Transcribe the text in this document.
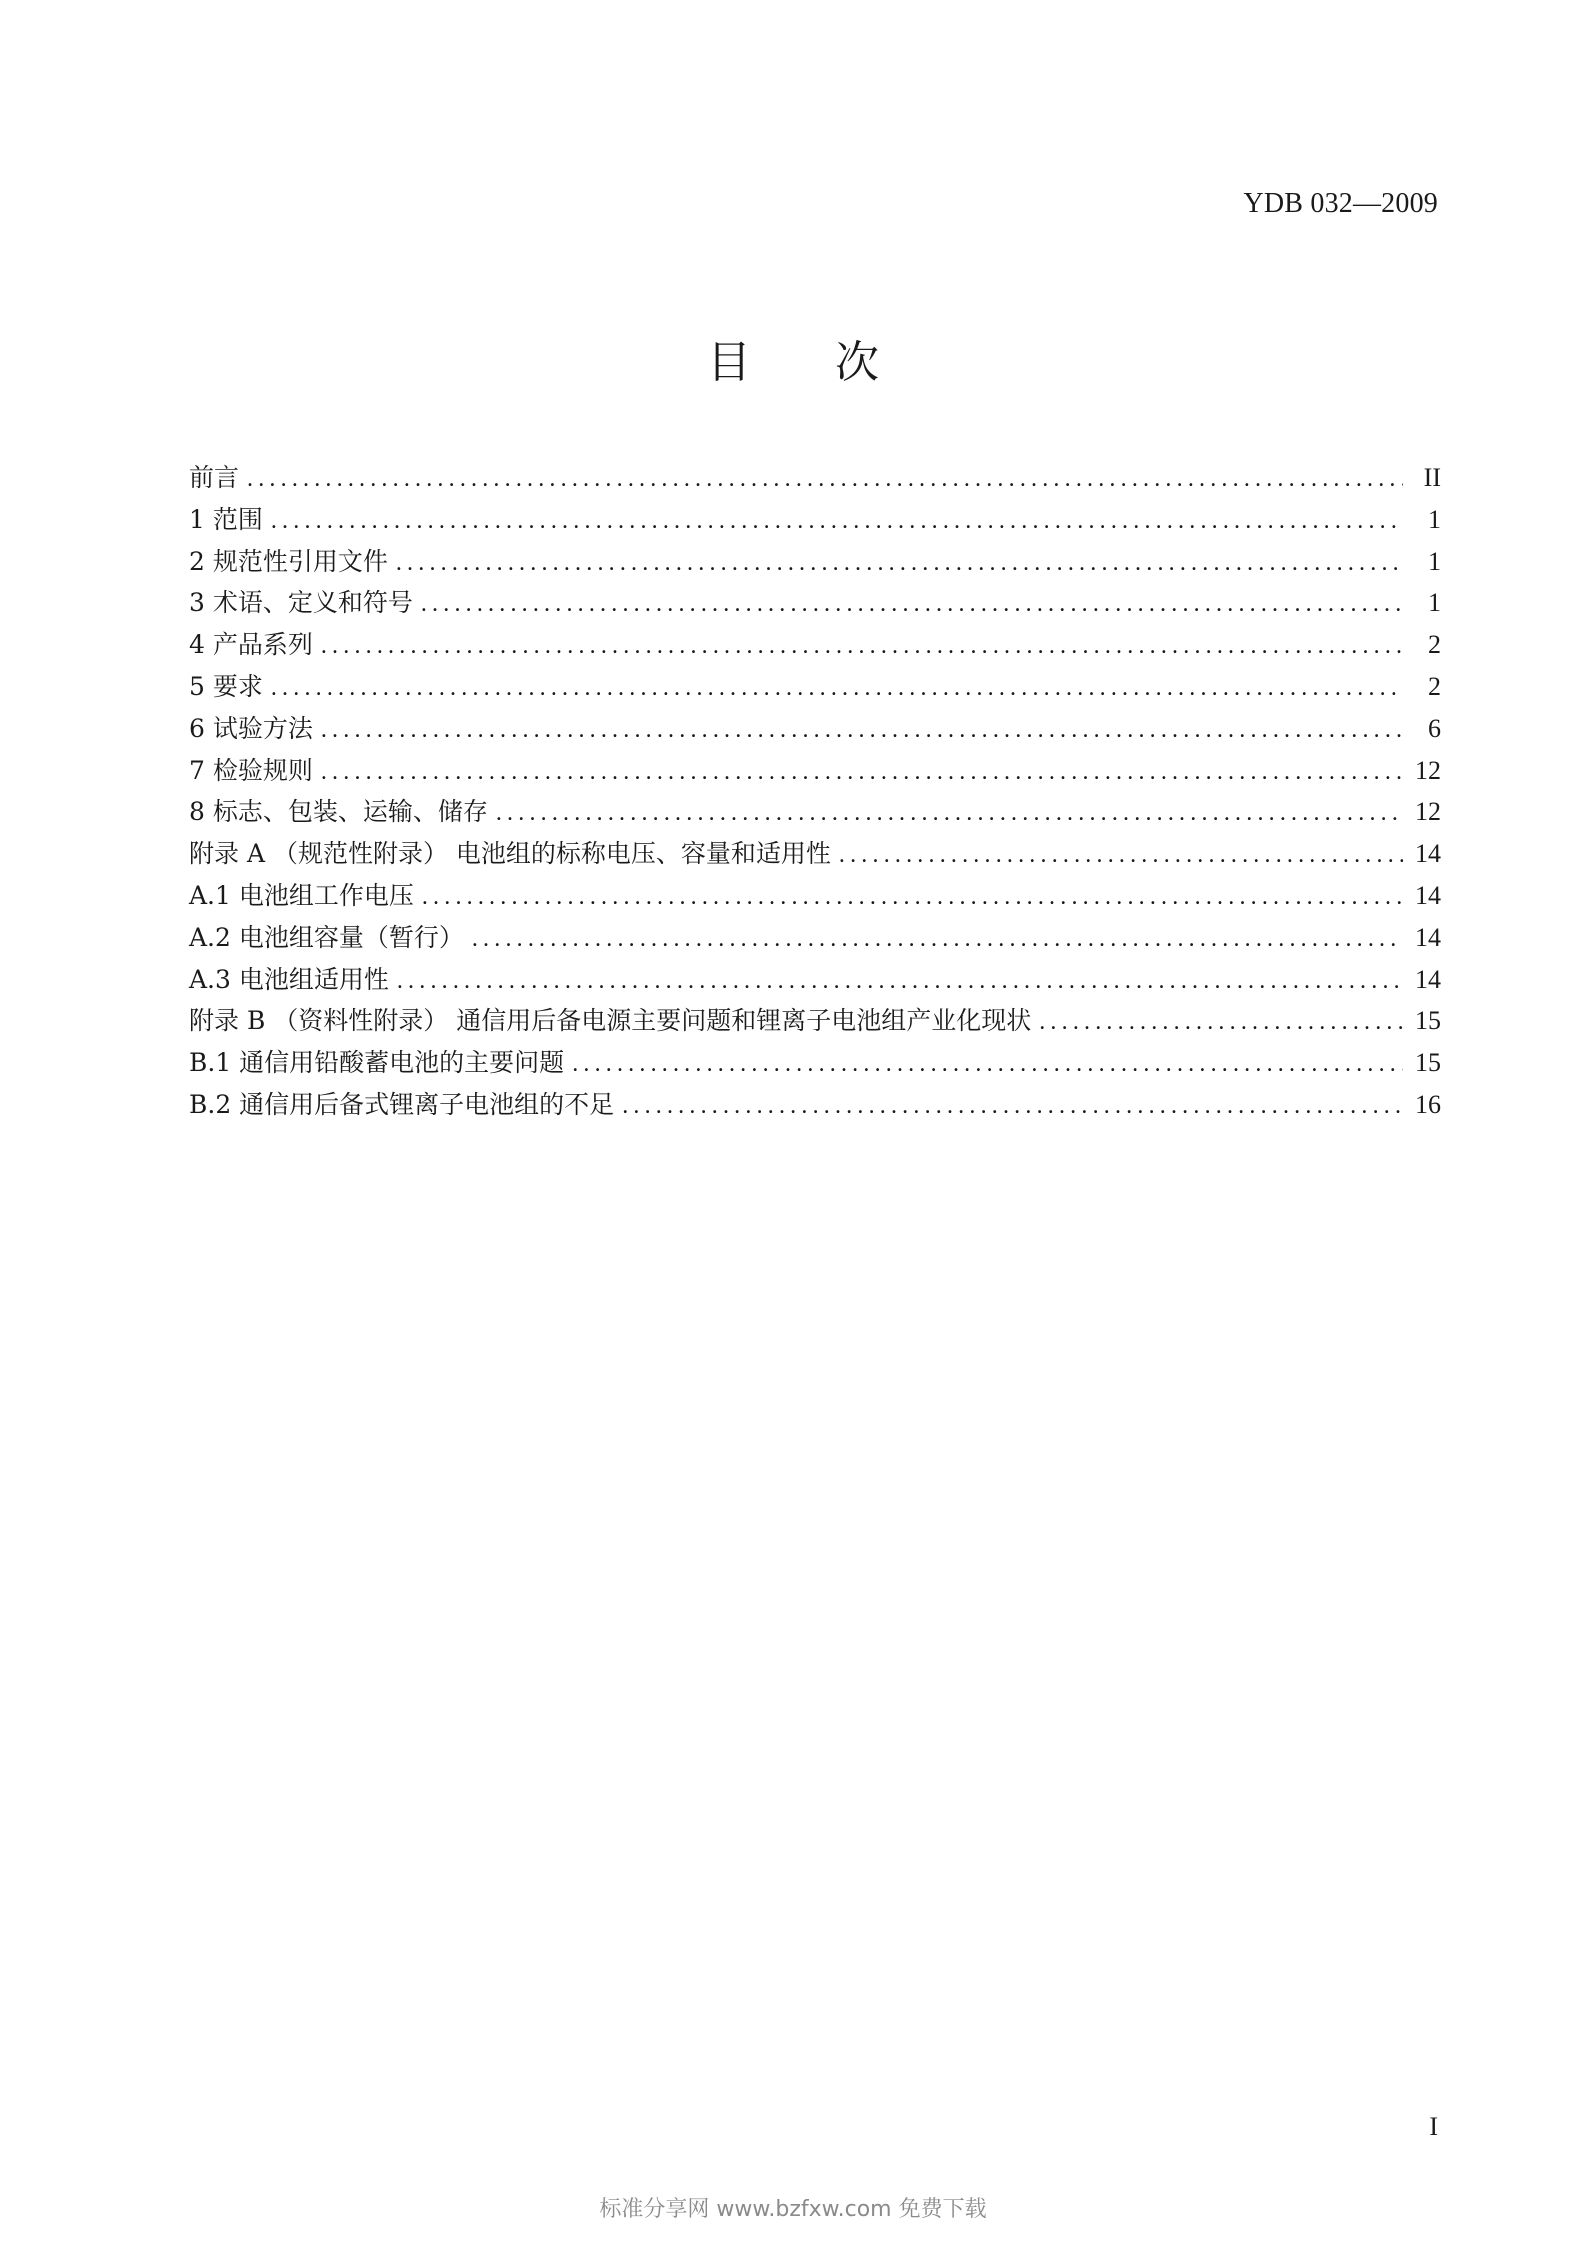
YDB 032—2009
目 次
前言 . . .	II
1 范围 . . .	1
2 规范性引用文件 . . .	1
3 术语、定义和符号 . . .	1
4 产品系列 . . .	2
5 要求 . . .	2
6 试验方法 . . .	6
7 检验规则 . . .	12
8 标志、包装、运输、储存 . . .	12
附录 A （规范性附录） 电池组的标称电压、容量和适用性 . . .	14
A.1 电池组工作电压 . . .	14
A.2 电池组容量（暂行） . . .	14
A.3 电池组适用性 . . .	14
附录 B （资料性附录） 通信用后备电源主要问题和锂离子电池组产业化现状 . . .	15
B.1 通信用铅酸蓄电池的主要问题 . . .	15
B.2 通信用后备式锂离子电池组的不足 . . .	16
I
标准分享网 www.bzfxw.com 免费下载
